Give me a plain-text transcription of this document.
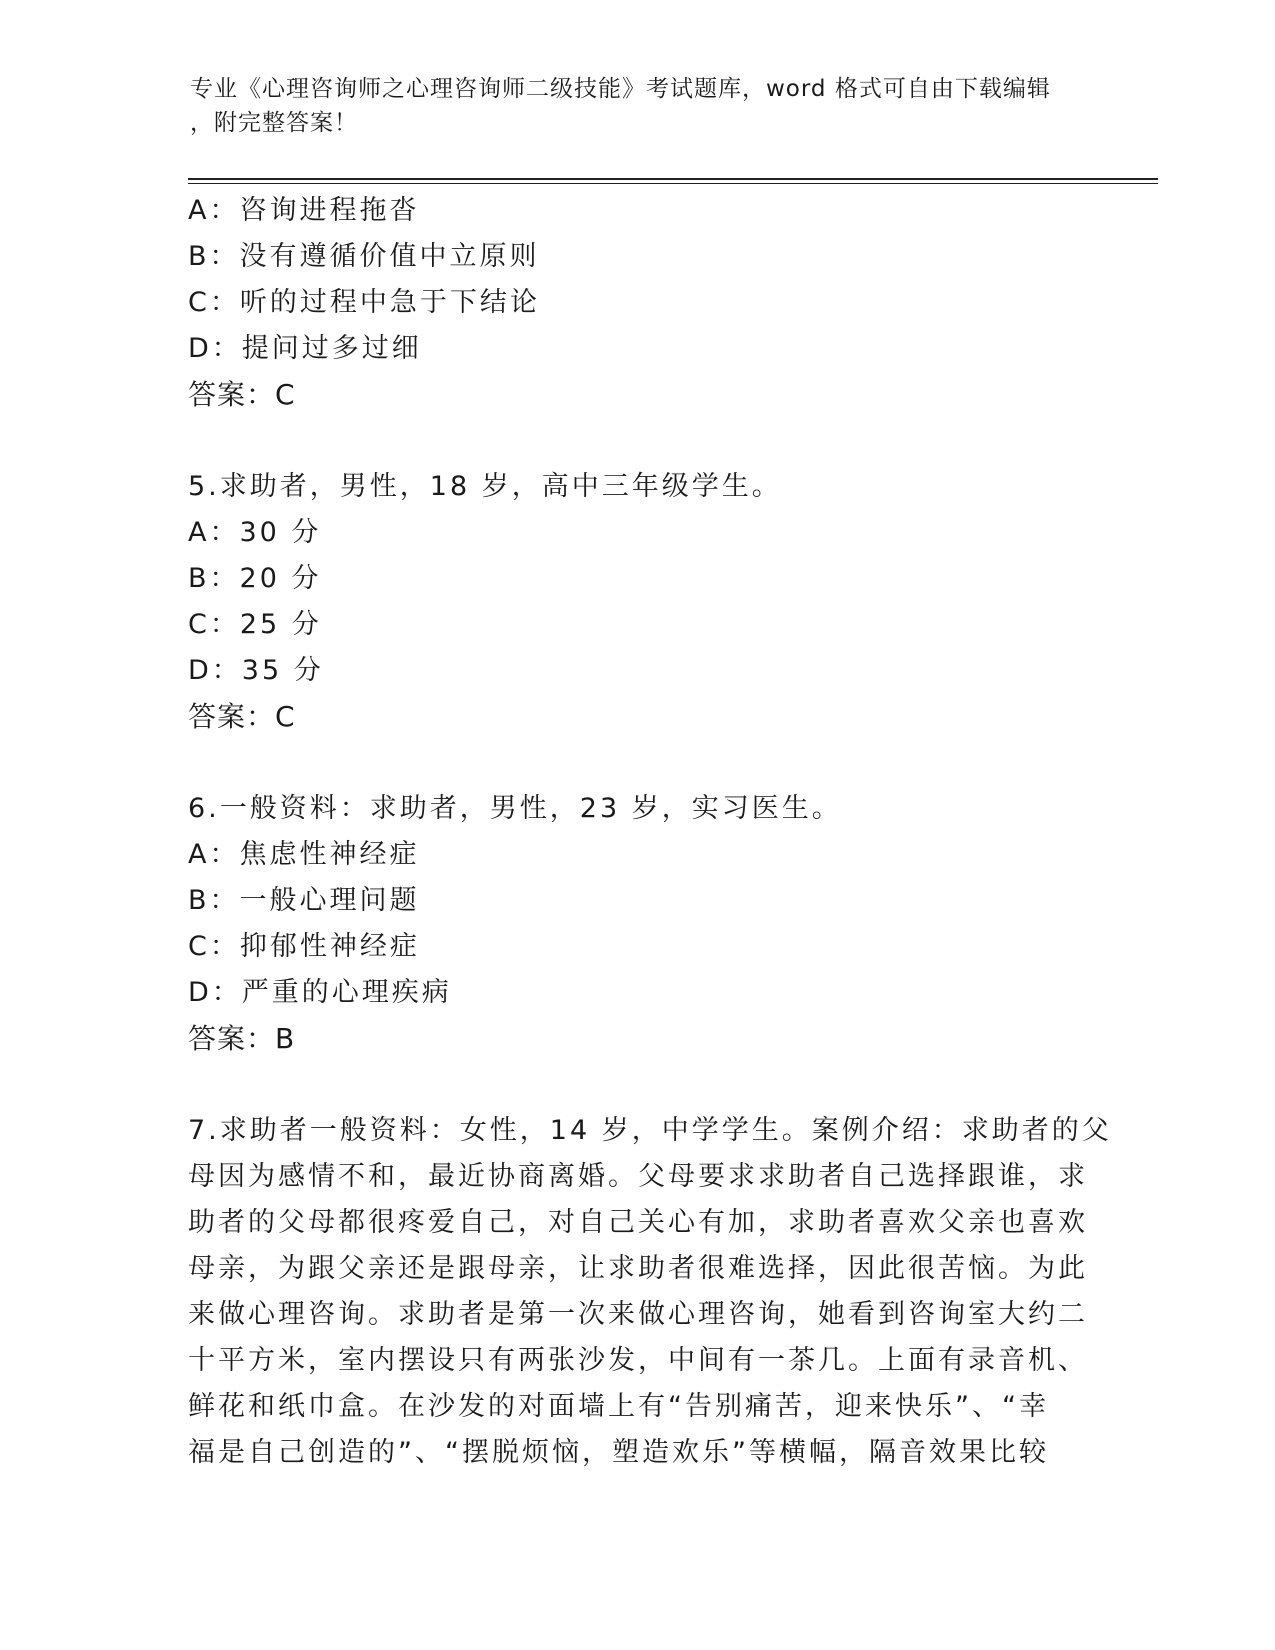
专业《心理咨询师之心理咨询师二级技能》考试题库，word 格式可自由下载编辑
，附完整答案！
A：咨询进程拖沓
B：没有遵循价值中立原则
C：听的过程中急于下结论
D：提问过多过细
答案：C
5.求助者，男性，18 岁，高中三年级学生。
A：30 分
B：20 分
C：25 分
D：35 分
答案：C
6.一般资料：求助者，男性，23 岁，实习医生。
A：焦虑性神经症
B：一般心理问题
C：抑郁性神经症
D：严重的心理疾病
答案：B
7.求助者一般资料：女性，14 岁，中学学生。案例介绍：求助者的父
母因为感情不和，最近协商离婚。父母要求求助者自己选择跟谁，求
助者的父母都很疼爱自己，对自己关心有加，求助者喜欢父亲也喜欢
母亲，为跟父亲还是跟母亲，让求助者很难选择，因此很苦恼。为此
来做心理咨询。求助者是第一次来做心理咨询，她看到咨询室大约二
十平方米，室内摆设只有两张沙发，中间有一茶几。上面有录音机、
鲜花和纸巾盒。在沙发的对面墙上有“告别痛苦，迎来快乐”、“幸
福是自己创造的”、“摆脱烦恼，塑造欢乐”等横幅，隔音效果比较
